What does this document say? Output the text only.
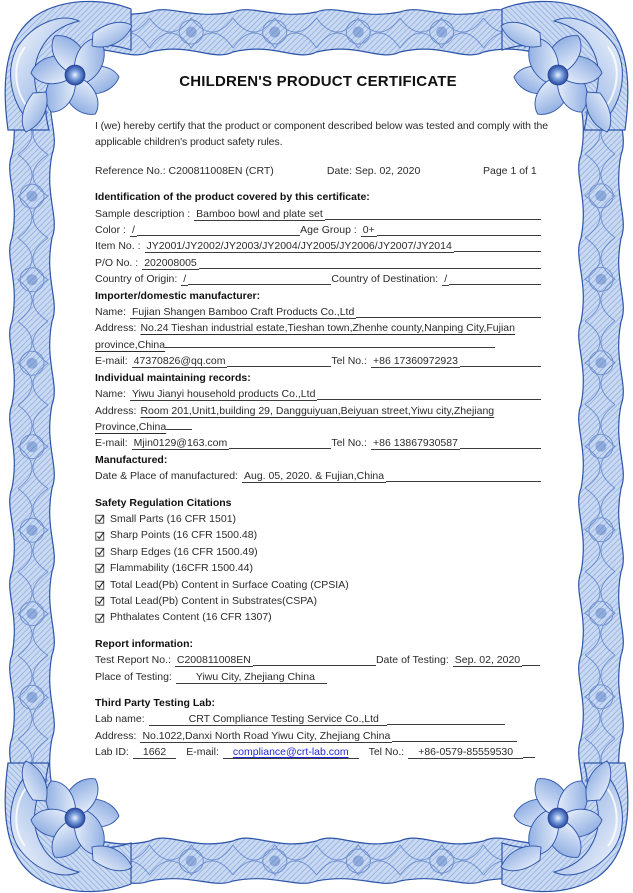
CHILDREN'S PRODUCT CERTIFICATE
I (we) hereby certify that the product or component described below was tested and comply with the applicable children's product safety rules.
Reference No.: C200811008EN (CRT)	Date: Sep. 02, 2020	Page 1 of 1
Identification of the product covered by this certificate:
Sample description : Bamboo bowl and plate set
Color : /	Age Group : 0+
Item No. : JY2001/JY2002/JY2003/JY2004/JY2005/JY2006/JY2007/JY2014
P/O No. : 202008005
Country of Origin: /	Country of Destination: /
Importer/domestic manufacturer:
Name: Fujian Shangen Bamboo Craft Products Co.,Ltd
Address: No.24 Tieshan industrial estate,Tieshan town,Zhenhe county,Nanping City,Fujian province,China
E-mail: 47370826@qq.com	Tel No.: +86 17360972923
Individual maintaining records:
Name: Yiwu Jianyi household products Co.,Ltd
Address: Room 201,Unit1,building 29, Dangguiyuan,Beiyuan street,Yiwu city,Zhejiang Province,China
E-mail: Mjin0129@163.com	Tel No.: +86 13867930587
Manufactured:
Date & Place of manufactured: Aug. 05, 2020. & Fujian,China
Safety Regulation Citations
Small Parts (16 CFR 1501)
Sharp Points (16 CFR 1500.48)
Sharp Edges (16 CFR 1500.49)
Flammability (16CFR 1500.44)
Total Lead(Pb) Content in Surface Coating (CPSIA)
Total Lead(Pb) Content in Substrates(CSPA)
Phthalates Content (16 CFR 1307)
Report information:
Test Report No.: C200811008EN	Date of Testing: Sep. 02, 2020
Place of Testing:	Yiwu City, Zhejiang China
Third Party Testing Lab:
Lab name:	CRT Compliance Testing Service Co.,Ltd
Address: No.1022,Danxi North Road Yiwu City, Zhejiang China
Lab ID:	1662	E-mail:	compliance@crt-lab.com	Tel No.:	+86-0579-85559530
